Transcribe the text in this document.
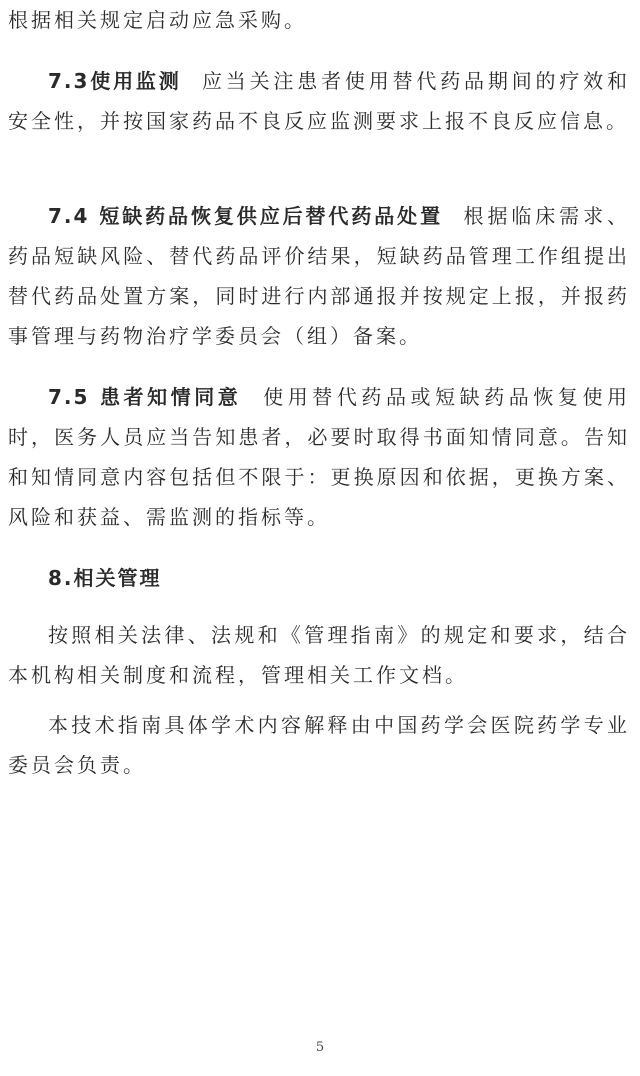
根据相关规定启动应急采购。

7.3使用监测 应当关注患者使用替代药品期间的疗效和安全性，并按国家药品不良反应监测要求上报不良反应信息。

7.4 短缺药品恢复供应后替代药品处置 根据临床需求、药品短缺风险、替代药品评价结果，短缺药品管理工作组提出替代药品处置方案，同时进行内部通报并按规定上报，并报药事管理与药物治疗学委员会（组）备案。

7.5 患者知情同意 使用替代药品或短缺药品恢复使用时，医务人员应当告知患者，必要时取得书面知情同意。告知和知情同意内容包括但不限于：更换原因和依据，更换方案、风险和获益、需监测的指标等。

8.相关管理

按照相关法律、法规和《管理指南》的规定和要求，结合本机构相关制度和流程，管理相关工作文档。

本技术指南具体学术内容解释由中国药学会医院药学专业委员会负责。

5
